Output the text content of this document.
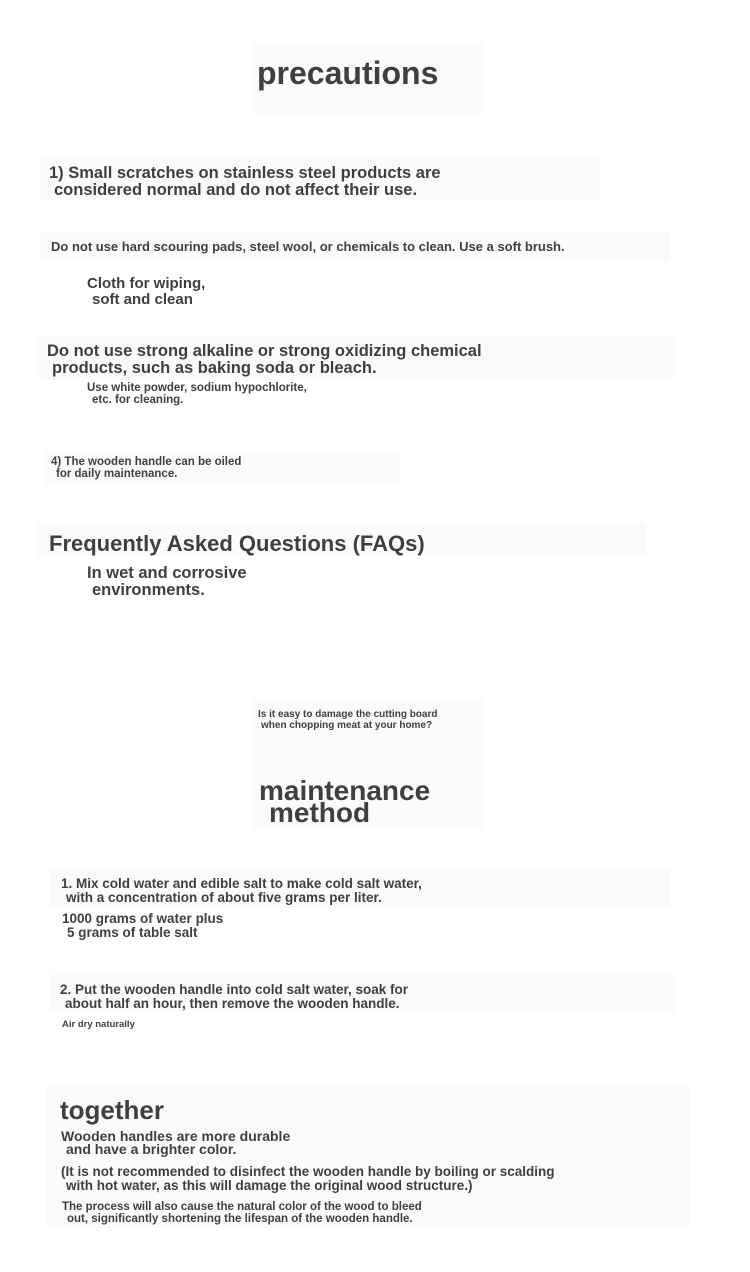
precautions
1) Small scratches on stainless steel products are
considered normal and do not affect their use.
Do not use hard scouring pads, steel wool, or chemicals to clean. Use a soft brush.
Cloth for wiping,
soft and clean
Do not use strong alkaline or strong oxidizing chemical
products, such as baking soda or bleach.
Use white powder, sodium hypochlorite,
etc. for cleaning.
4) The wooden handle can be oiled
for daily maintenance.
Frequently Asked Questions (FAQs)
In wet and corrosive
environments.
Is it easy to damage the cutting board
when chopping meat at your home?
maintenance
method
1. Mix cold water and edible salt to make cold salt water,
with a concentration of about five grams per liter.
1000 grams of water plus
5 grams of table salt
2. Put the wooden handle into cold salt water, soak for
about half an hour, then remove the wooden handle.
Air dry naturally
together
Wooden handles are more durable
and have a brighter color.
(It is not recommended to disinfect the wooden handle by boiling or scalding
with hot water, as this will damage the original wood structure.)
The process will also cause the natural color of the wood to bleed
out, significantly shortening the lifespan of the wooden handle.
